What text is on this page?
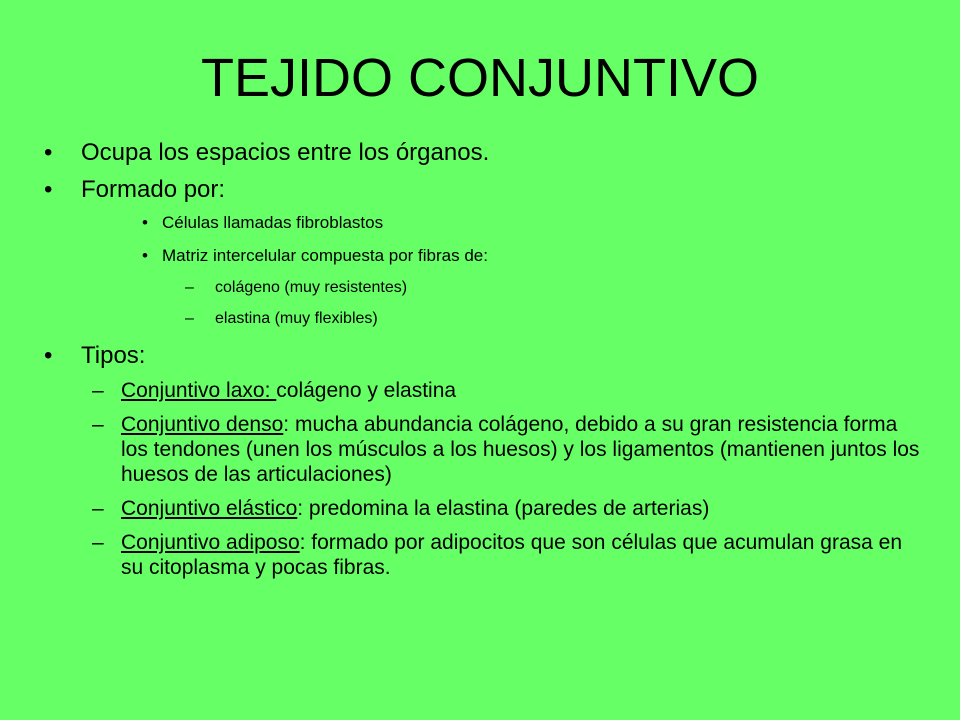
TEJIDO CONJUNTIVO
• Ocupa los espacios entre los órganos.
• Formado por:
• Células llamadas fibroblastos
• Matriz intercelular compuesta por fibras de:
– colágeno (muy resistentes)
– elastina (muy flexibles)
• Tipos:
– Conjuntivo laxo: colágeno y elastina
– Conjuntivo denso: mucha abundancia colágeno, debido a su gran resistencia forma los tendones (unen los músculos a los huesos) y los ligamentos (mantienen juntos los huesos de las articulaciones)
– Conjuntivo elástico: predomina la elastina (paredes de arterias)
– Conjuntivo adiposo: formado por adipocitos que son células que acumulan grasa en su citoplasma y pocas fibras.
